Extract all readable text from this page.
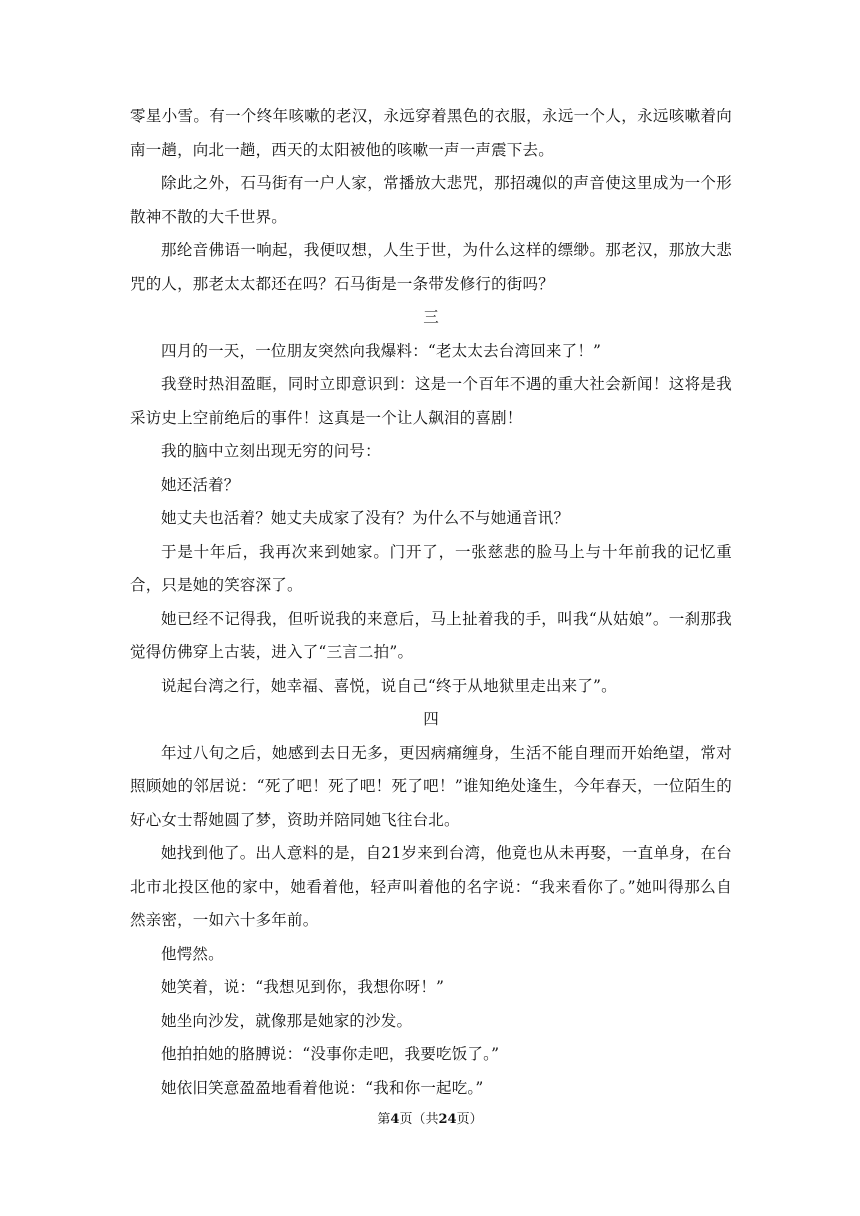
零星小雪。有一个终年咳嗽的老汉，永远穿着黑色的衣服，永远一个人，永远咳嗽着向南一趟，向北一趟，西天的太阳被他的咳嗽一声一声震下去。

除此之外，石马街有一户人家，常播放大悲咒，那招魂似的声音使这里成为一个形散神不散的大千世界。

那纶音佛语一响起，我便叹想，人生于世，为什么这样的缥缈。那老汉，那放大悲咒的人，那老太太都还在吗？石马街是一条带发修行的街吗？

三

四月的一天，一位朋友突然向我爆料：“老太太去台湾回来了！”

我登时热泪盈眶，同时立即意识到：这是一个百年不遇的重大社会新闻！这将是我采访史上空前绝后的事件！这真是一个让人飙泪的喜剧！

我的脑中立刻出现无穷的问号：

她还活着？

她丈夫也活着？她丈夫成家了没有？为什么不与她通音讯？

于是十年后，我再次来到她家。门开了，一张慈悲的脸马上与十年前我的记忆重合，只是她的笑容深了。

她已经不记得我，但听说我的来意后，马上扯着我的手，叫我“从姑娘”。一刹那我觉得仿佛穿上古装，进入了“三言二拍”。

说起台湾之行，她幸福、喜悦，说自己“终于从地狱里走出来了”。

四

年过八旬之后，她感到去日无多，更因病痛缠身，生活不能自理而开始绝望，常对照顾她的邻居说：“死了吧！死了吧！死了吧！”谁知绝处逢生，今年春天，一位陌生的好心女士帮她圆了梦，资助并陪同她飞往台北。

她找到他了。出人意料的是，自21岁来到台湾，他竟也从未再娶，一直单身，在台北市北投区他的家中，她看着他，轻声叫着他的名字说：“我来看你了。”她叫得那么自然亲密，一如六十多年前。

他愕然。

她笑着，说：“我想见到你，我想你呀！”

她坐向沙发，就像那是她家的沙发。

他拍拍她的胳膊说：“没事你走吧，我要吃饭了。”

她依旧笑意盈盈地看着他说：“我和你一起吃。”

第4页（共24页）
